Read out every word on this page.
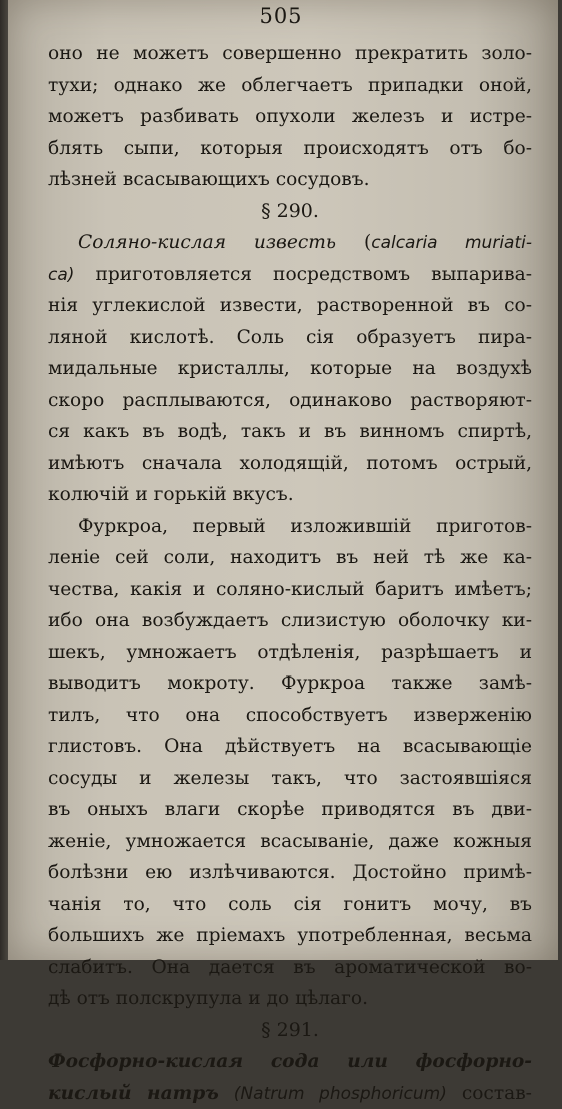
505
оно не можетъ совершенно прекратить золо-
тухи; однако же облегчаетъ припадки оной,
можетъ разбивать опухоли железъ и истре-
блять сыпи, которыя происходятъ отъ бо-
лѣзней всасывающихъ сосудовъ.
§ 290.
Соляно-кислая известь (calcaria muriati-
ca) приготовляется посредствомъ выпарива-
нія углекислой извести, растворенной въ со-
ляной кислотѣ. Соль сія образуетъ пира-
мидальные кристаллы, которые на воздухѣ
скоро расплываются, одинаково растворяют-
ся какъ въ водѣ, такъ и въ винномъ спиртѣ,
имѣютъ сначала холодящій, потомъ острый,
колючій и горькій вкусъ.
Фуркроа, первый изложившій приготов-
леніе сей соли, находитъ въ ней тѣ же ка-
чества, какія и соляно-кислый баритъ имѣетъ;
ибо она возбуждаетъ слизистую оболочку ки-
шекъ, умножаетъ отдѣленія, разрѣшаетъ и
выводитъ мокроту. Фуркроа также замѣ-
тилъ, что она способствуетъ изверженію
глистовъ. Она дѣйствуетъ на всасывающіе
сосуды и железы такъ, что застоявшіяся
въ оныхъ влаги скорѣе приводятся въ дви-
женіе, умножается всасываніе, даже кожныя
болѣзни ею излѣчиваются. Достойно примѣ-
чанія то, что соль сія гонитъ мочу, въ
большихъ же пріемахъ употребленная, весьма
слабитъ. Она дается въ ароматической во-
дѣ отъ полскрупула и до цѣлаго.
§ 291.
Фосфорно-кислая сода или фосфорно-
кислый натръ (Natrum phosphoricum) состав-
